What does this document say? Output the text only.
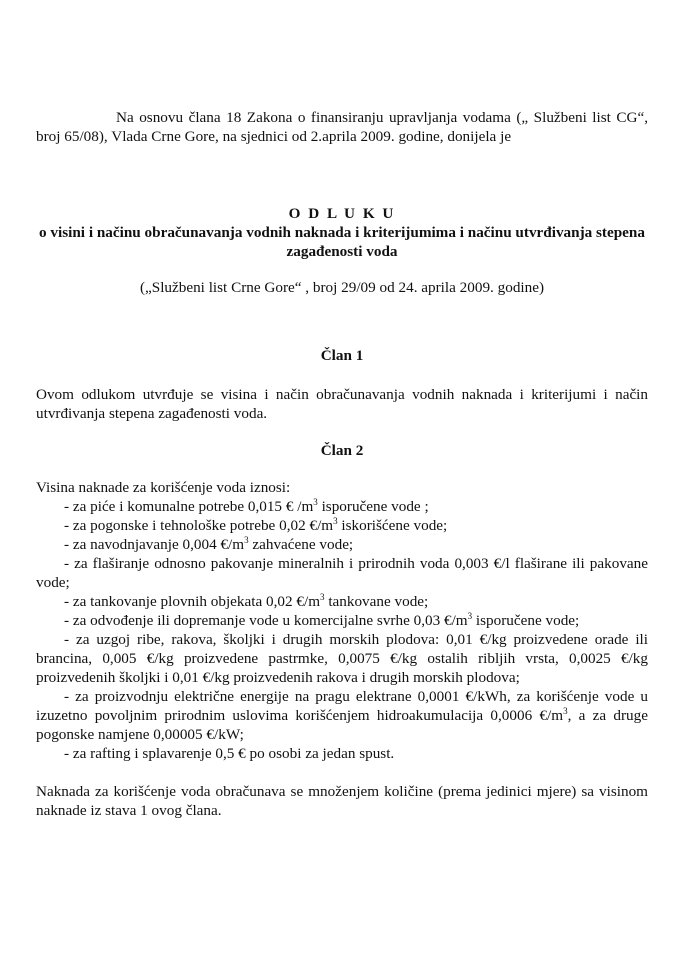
Na osnovu člana 18 Zakona o finansiranju upravljanja vodama („ Službeni list CG“, broj 65/08), Vlada Crne Gore, na sjednici od 2.aprila 2009. godine, donijela je

O D L U K U

o visini i načinu obračunavanja vodnih naknada i kriterijumima i načinu utvrđivanja stepena zagađenosti voda

(„Službeni list Crne Gore“ , broj 29/09 od 24. aprila 2009. godine)

Član 1

Ovom odlukom utvrđuje se visina i način obračunavanja vodnih naknada i kriterijumi i način utvrđivanja stepena zagađenosti voda.

Član 2

Visina naknade za korišćenje voda iznosi:

- za piće i komunalne potrebe 0,015 € $/m^3$ isporučene vode ;
- za pogonske i tehnološke potrebe 0,02 $€/m^3$ iskorišćene vode;
- za navodnjavanje 0,004 $€/m^3$ zahvaćene vode;
- za flaširanje odnosno pakovanje mineralnih i prirodnih voda 0,003 €/l flaširane ili pakovane vode;
- za tankovanje plovnih objekata 0,02 $€/m^3$ tankovane vode;
- za odvođenje ili dopremanje vode u komercijalne svrhe 0,03 $€/m^3$ isporučene vode;
- za uzgoj ribe, rakova, školjki i drugih morskih plodova: 0,01 €/kg proizvedene orade ili brancina, 0,005 €/kg proizvedene pastrmke, 0,0075 €/kg ostalih ribljih vrsta, 0,0025 €/kg proizvedenih školjki i 0,01 €/kg proizvedenih rakova i drugih morskih plodova;
- za proizvodnju električne energije na pragu elektrane 0,0001 €/kWh, za korišćenje vode u izuzetno povoljnim prirodnim uslovima korišćenjem hidroakumulacija 0,0006 $€/m^3$, a za druge pogonske namjene 0,00005 €/kW;
- za rafting i splavarenje 0,5 € po osobi za jedan spust.

Naknada za korišćenje voda obračunava se množenjem količine (prema jedinici mjere) sa visinom naknade iz stava 1 ovog člana.
